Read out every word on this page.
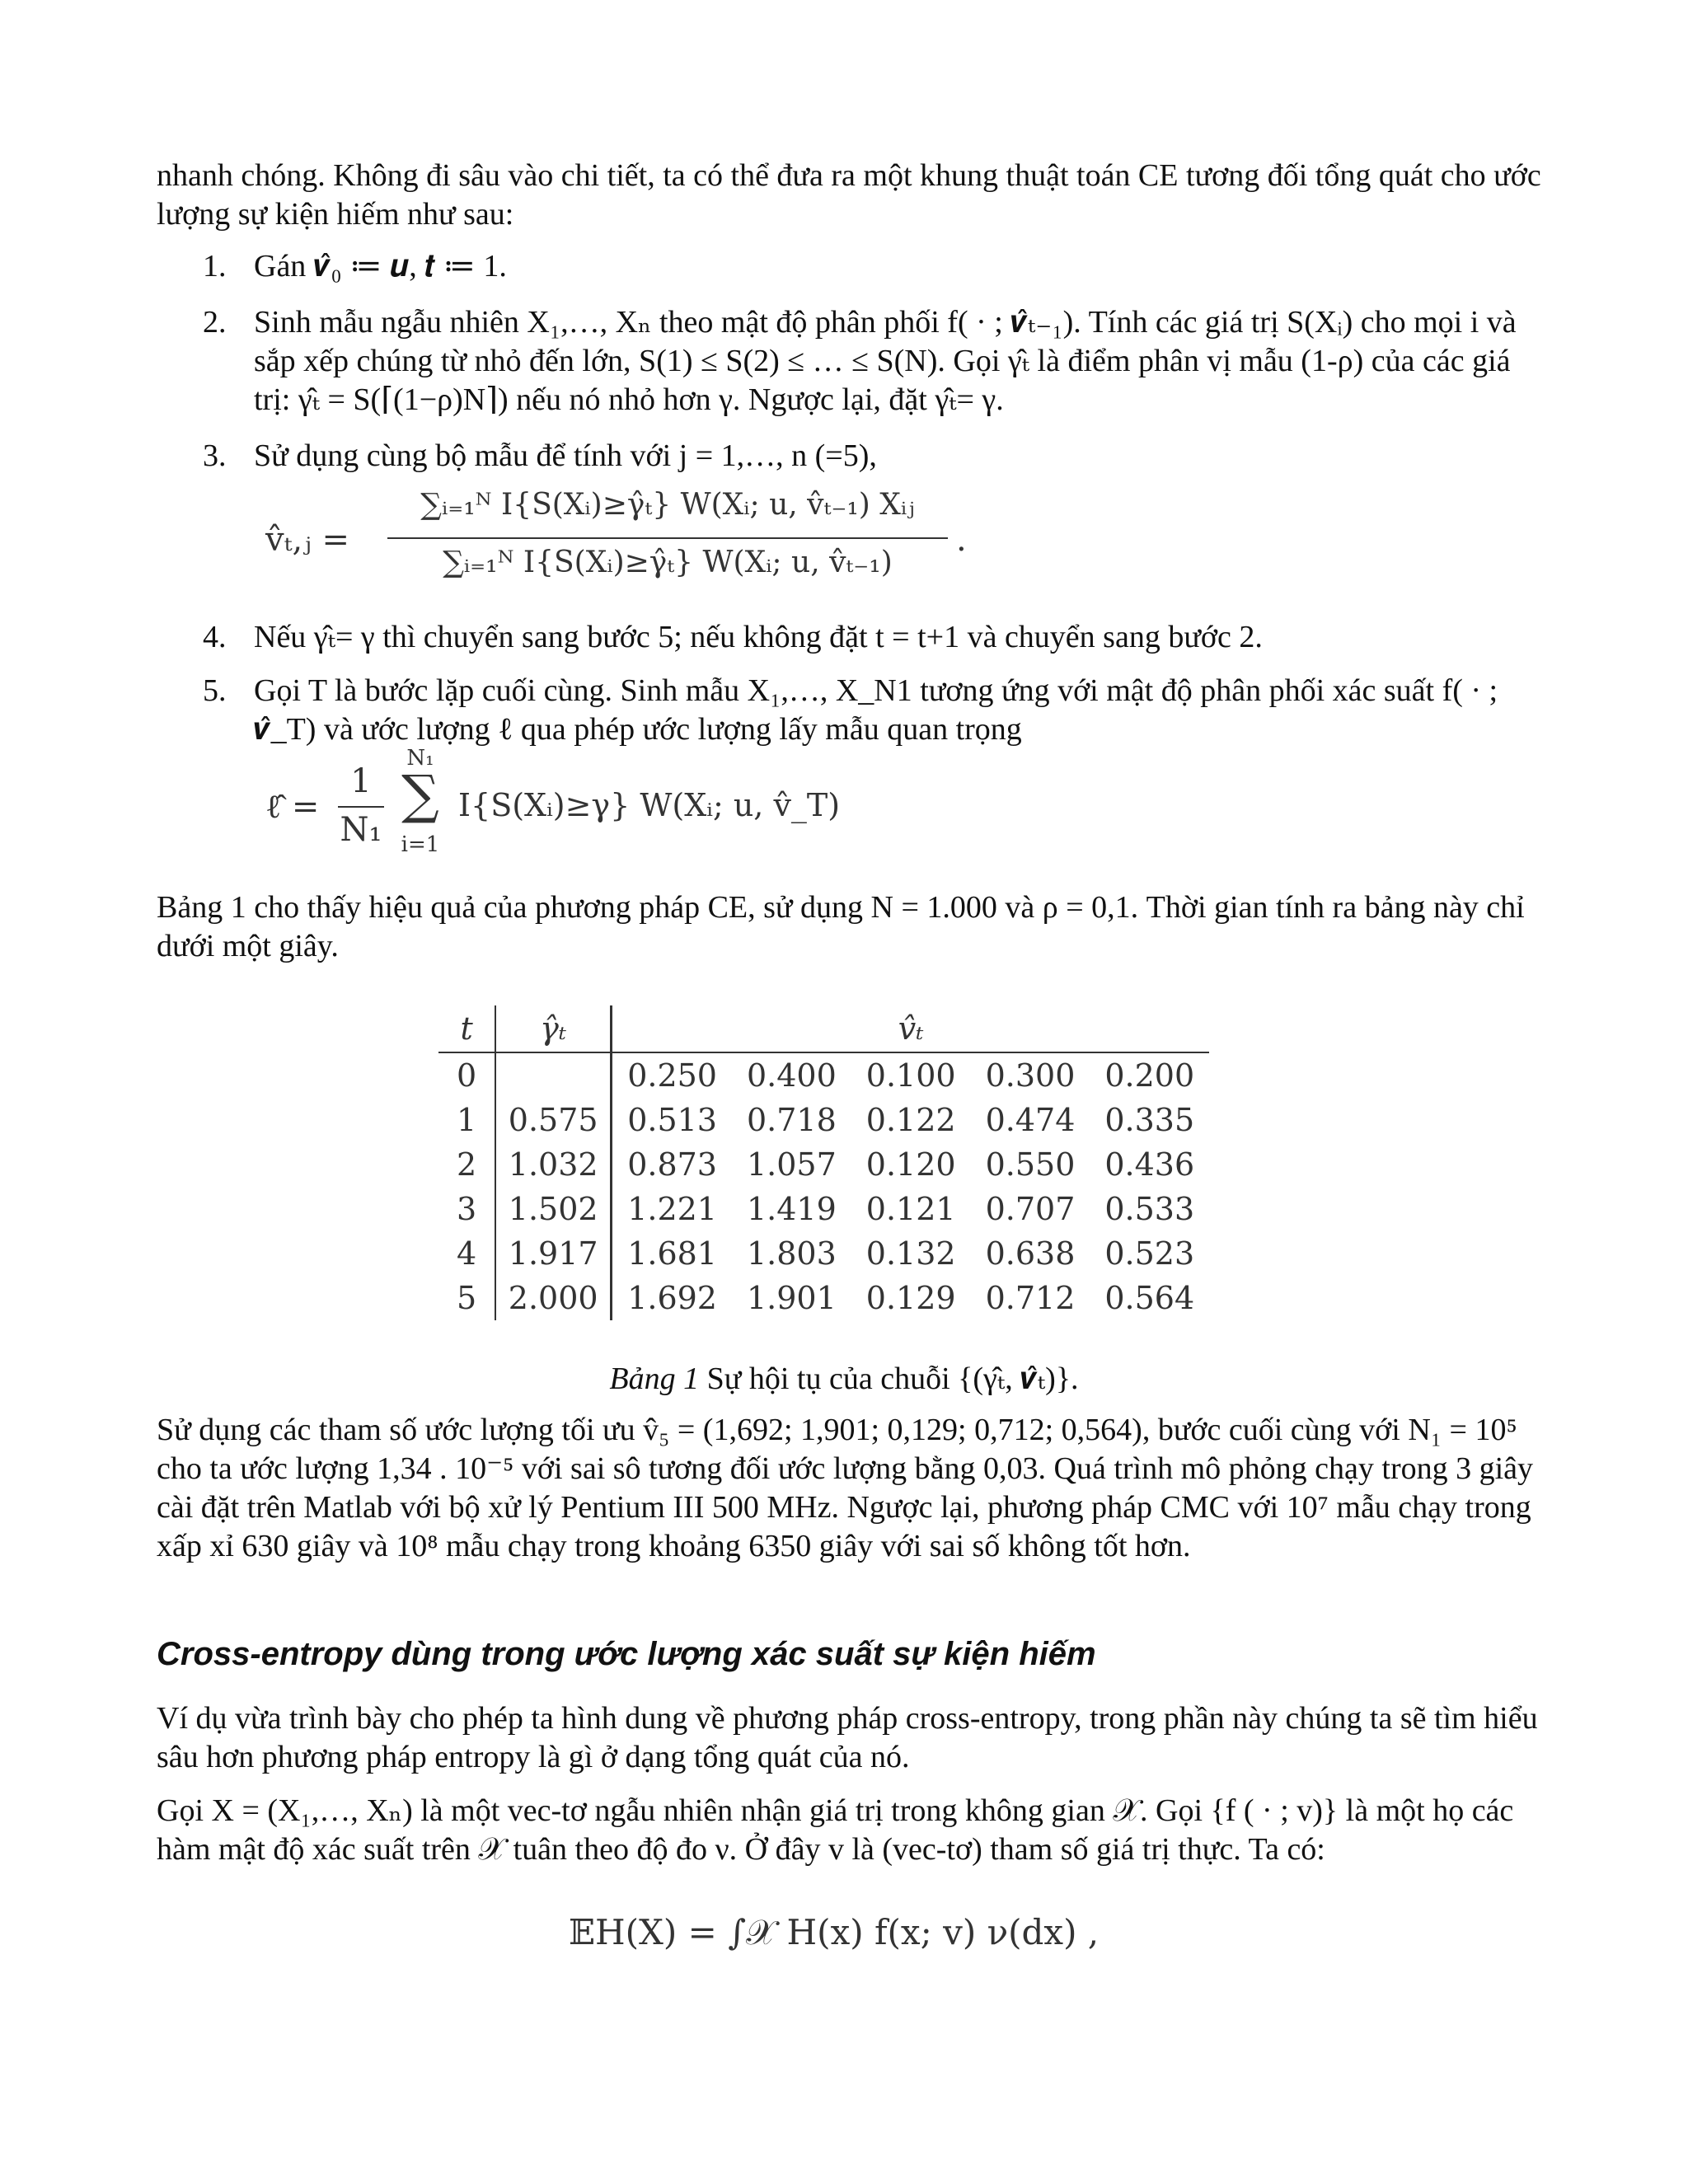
nhanh chóng. Không đi sâu vào chi tiết, ta có thể đưa ra một khung thuật toán CE tương đối tổng quát cho ước lượng sự kiện hiếm như sau:

1. Gán 𝒗̂₀ ≔ 𝒖, 𝒕 ≔ 1.
2. Sinh mẫu ngẫu nhiên X₁,…, Xₙ theo mật độ phân phối f( · ; 𝒗̂ₜ₋₁). Tính các giá trị S(Xᵢ) cho mọi i và sắp xếp chúng từ nhỏ đến lớn, S(1) ≤ S(2) ≤ … ≤ S(N). Gọi γ̂ₜ là điểm phân vị mẫu (1-ρ) của các giá trị: γ̂ₜ = S(⌈(1−ρ)N⌉) nếu nó nhỏ hơn γ. Ngược lại, đặt γ̂ₜ= γ.
3. Sử dụng cùng bộ mẫu để tính với j = 1,…, n (=5),
v̂ₜ,ⱼ =
∑ᵢ₌₁ᴺ I{S(Xᵢ)≥γ̂ₜ} W(Xᵢ; u, v̂ₜ₋₁) Xᵢⱼ
∑ᵢ₌₁ᴺ I{S(Xᵢ)≥γ̂ₜ} W(Xᵢ; u, v̂ₜ₋₁)
.
4. Nếu γ̂ₜ= γ thì chuyển sang bước 5; nếu không đặt t = t+1 và chuyển sang bước 2.
5. Gọi T là bước lặp cuối cùng. Sinh mẫu X₁,…, X_N1 tương ứng với mật độ phân phối xác suất f( · ; 𝒗̂_T) và ước lượng ℓ qua phép ước lượng lấy mẫu quan trọng
ℓ̂ =
1
N₁
N₁
∑
i=1
I{S(Xᵢ)≥γ} W(Xᵢ; u, v̂_T)

Bảng 1 cho thấy hiệu quả của phương pháp CE, sử dụng N = 1.000 và ρ = 0,1. Thời gian tính ra bảng này chỉ dưới một giây.

t	γ̂ₜ	v̂ₜ				
0		0.250	0.400	0.100	0.300	0.200
1	0.575	0.513	0.718	0.122	0.474	0.335
2	1.032	0.873	1.057	0.120	0.550	0.436
3	1.502	1.221	1.419	0.121	0.707	0.533
4	1.917	1.681	1.803	0.132	0.638	0.523
5	2.000	1.692	1.901	0.129	0.712	0.564
Bảng 1 Sự hội tụ của chuỗi {(γ̂ₜ, 𝒗̂ₜ)}.

Sử dụng các tham số ước lượng tối ưu v̂₅ = (1,692; 1,901; 0,129; 0,712; 0,564), bước cuối cùng với N₁ = 10⁵ cho ta ước lượng 1,34 . 10⁻⁵ với sai sô tương đối ước lượng bằng 0,03. Quá trình mô phỏng chạy trong 3 giây cài đặt trên Matlab với bộ xử lý Pentium III 500 MHz. Ngược lại, phương pháp CMC với 10⁷ mẫu chạy trong xấp xỉ 630 giây và 10⁸ mẫu chạy trong khoảng 6350 giây với sai số không tốt hơn.

Cross-entropy dùng trong ước lượng xác suất sự kiện hiếm

Ví dụ vừa trình bày cho phép ta hình dung về phương pháp cross-entropy, trong phần này chúng ta sẽ tìm hiểu sâu hơn phương pháp entropy là gì ở dạng tổng quát của nó.

Gọi X = (X₁,…, Xₙ) là một vec-tơ ngẫu nhiên nhận giá trị trong không gian 𝒳. Gọi {f ( · ; v)} là một họ các hàm mật độ xác suất trên 𝒳 tuân theo độ đo ν. Ở đây v là (vec-tơ) tham số giá trị thực. Ta có:

𝔼H(X) = ∫𝒳 H(x) f(x; v) ν(dx) ,
